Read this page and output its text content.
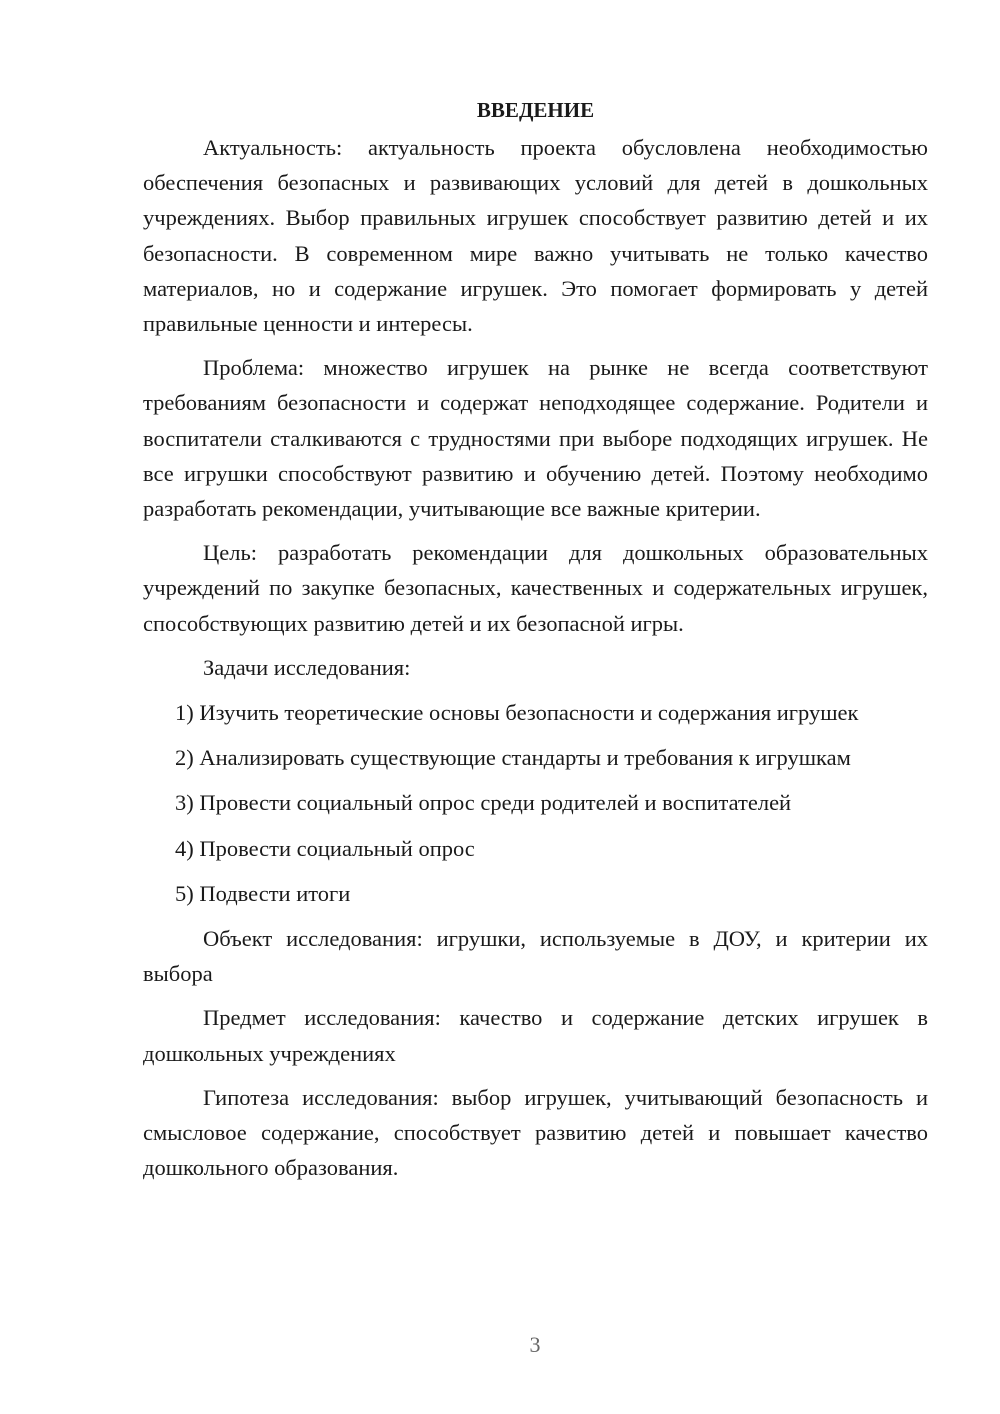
ВВЕДЕНИЕ

Актуальность: актуальность проекта обусловлена необходимостью обеспечения безопасных и развивающих условий для детей в дошкольных учреждениях. Выбор правильных игрушек способствует развитию детей и их безопасности. В современном мире важно учитывать не только качество материалов, но и содержание игрушек. Это помогает формировать у детей правильные ценности и интересы.

Проблема: множество игрушек на рынке не всегда соответствуют требованиям безопасности и содержат неподходящее содержание. Родители и воспитатели сталкиваются с трудностями при выборе подходящих игрушек. Не все игрушки способствуют развитию и обучению детей. Поэтому необходимо разработать рекомендации, учитывающие все важные критерии.

Цель: разработать рекомендации для дошкольных образовательных учреждений по закупке безопасных, качественных и содержательных игрушек, способствующих развитию детей и их безопасной игры.

Задачи исследования:

1) Изучить теоретические основы безопасности и содержания игрушек

2) Анализировать существующие стандарты и требования к игрушкам

3) Провести социальный опрос среди родителей и воспитателей

4) Провести социальный опрос

5) Подвести итоги

Объект исследования: игрушки, используемые в ДОУ, и критерии их выбора

Предмет исследования: качество и содержание детских игрушек в дошкольных учреждениях

Гипотеза исследования: выбор игрушек, учитывающий безопасность и смысловое содержание, способствует развитию детей и повышает качество дошкольного образования.

3
